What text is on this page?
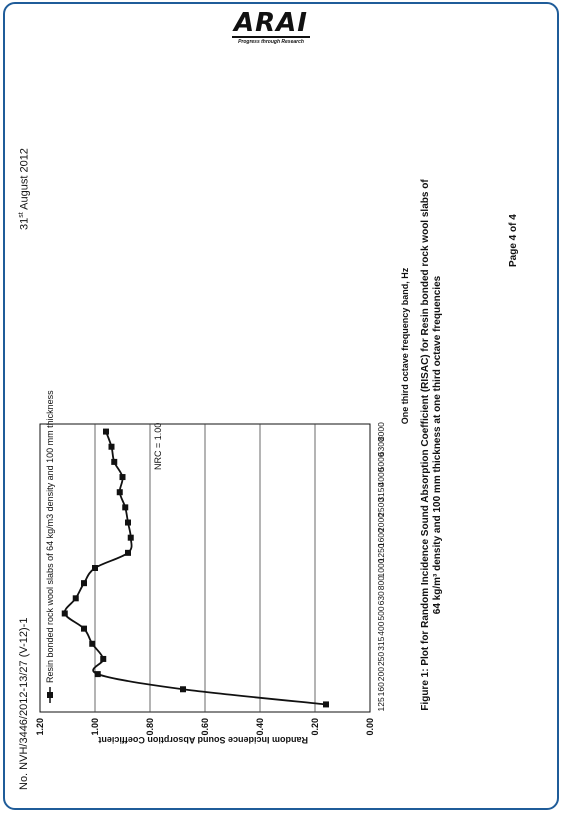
ARAI
Progress through Research
No. NVH/3446/2012-13/27 (V-12)-1
31st August 2012
Random Incidence Sound Absorption Coefficient
0.00
0.20
0.40
0.60
0.80
1.00
1.20
125
160
200
250
315
400
500
630
800
1000
1250
1600
2000
2500
3150
4000
5000
6300
8000
Resin bonded rock wool slabs of 64 kg/m3 density and 100 mm thickness	NRC = 1.00
One third octave frequency band, Hz Figure 1: Plot for Random Incidence Sound Absorption Coefficient (RISAC) for Resin bonded rock wool slabs of 64 kg/m³ density and 100 mm thickness at one third octave frequencies
Page 4 of 4
